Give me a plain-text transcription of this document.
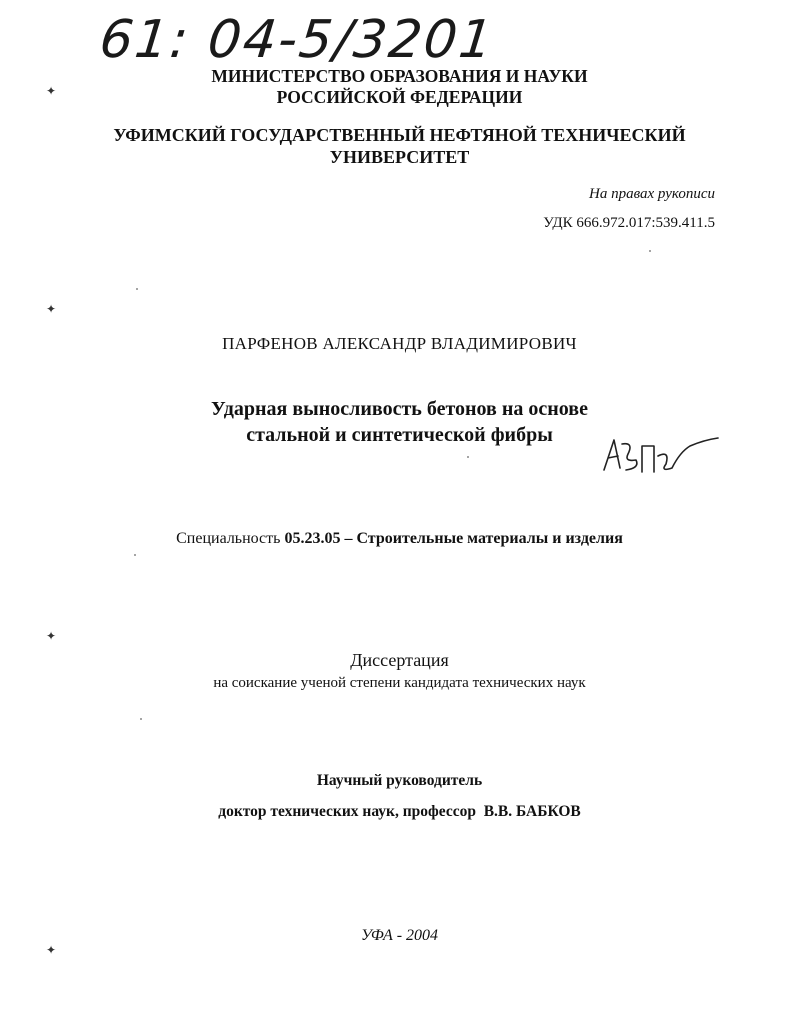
61: 04-5/3201
МИНИСТЕРСТВО ОБРАЗОВАНИЯ И НАУКИ
РОССИЙСКОЙ ФЕДЕРАЦИИ
УФИМСКИЙ ГОСУДАРСТВЕННЫЙ НЕФТЯНОЙ ТЕХНИЧЕСКИЙ
УНИВЕРСИТЕТ
На правах рукописи
УДК 666.972.017:539.411.5
ПАРФЕНОВ АЛЕКСАНДР ВЛАДИМИРОВИЧ
Ударная выносливость бетонов на основе
стальной и синтетической фибры
Специальность 05.23.05 – Строительные материалы и изделия
Диссертация
на соискание ученой степени кандидата технических наук
Научный руководитель
доктор технических наук, профессор  В.В. БАБКОВ
УФА - 2004
✦
✦
✦
✦
